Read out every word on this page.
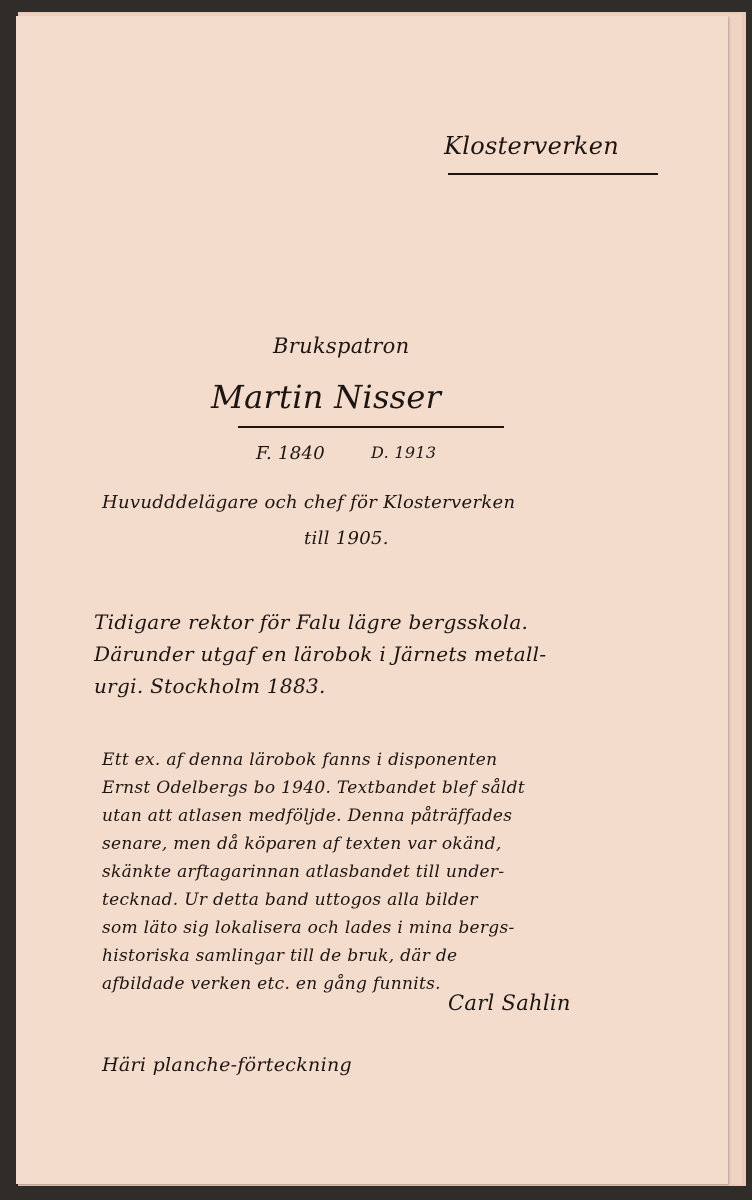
Klosterverken

Brukspatron

Martin Nisser

F. 1840	D. 1913

Huvudddelägare och chef för Klosterverken

till 1905.

Tidigare rektor för Falu lägre bergsskola.

Därunder utgaf en lärobok i Järnets metall-

urgi. Stockholm 1883.

Ett ex. af denna lärobok fanns i disponenten

Ernst Odelbergs bo 1940. Textbandet blef såldt

utan att atlasen medföljde. Denna påträffades

senare, men då köparen af texten var okänd,

skänkte arftagarinnan atlasbandet till under-

tecknad. Ur detta band uttogos alla bilder

som läto sig lokalisera och lades i mina bergs-

historiska samlingar till de bruk, där de

afbildade verken etc. en gång funnits.

Carl Sahlin

Häri planche-förteckning
